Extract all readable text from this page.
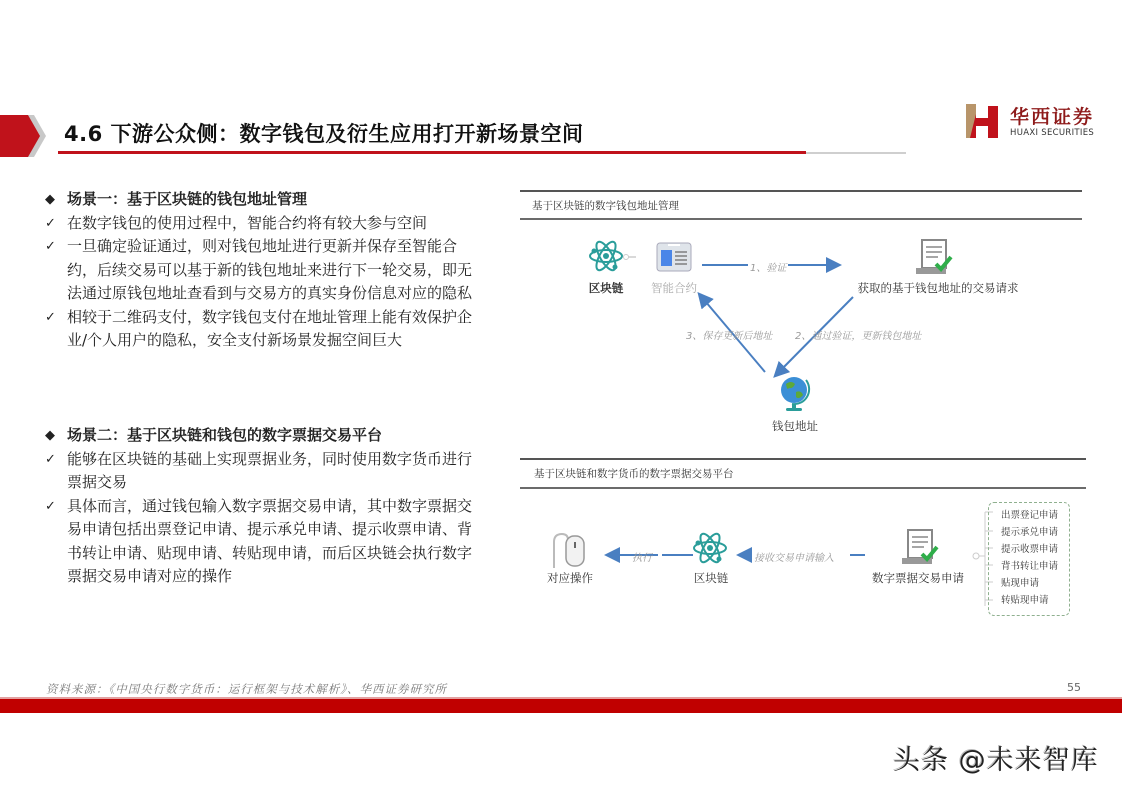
4.6 下游公众侧：数字钱包及衍生应用打开新场景空间
华西证券
HUAXI SECURITIES
◆ 场景一：基于区块链的钱包地址管理
✓ 在数字钱包的使用过程中，智能合约将有较大参与空间
✓ 一旦确定验证通过，则对钱包地址进行更新并保存至智能合约，后续交易可以基于新的钱包地址来进行下一轮交易，即无法通过原钱包地址查看到与交易方的真实身份信息对应的隐私
✓ 相较于二维码支付，数字钱包支付在地址管理上能有效保护企业/个人用户的隐私，安全支付新场景发掘空间巨大
◆ 场景二：基于区块链和钱包的数字票据交易平台
✓ 能够在区块链的基础上实现票据业务，同时使用数字货币进行票据交易
✓ 具体而言，通过钱包输入数字票据交易申请，其中数字票据交易申请包括出票登记申请、提示承兑申请、提示收票申请、背书转让申请、贴现申请、转贴现申请，而后区块链会执行数字票据交易申请对应的操作
基于区块链的数字钱包地址管理
区块链	智能合约
1、验证
获取的基于钱包地址的交易请求
3、保存更新后地址 2、通过验证，更新钱包地址
钱包地址
基于区块链和数字货币的数字票据交易平台
对应操作
执行
区块链
接收交易申请输入
数字票据交易申请
出票登记申请
提示承兑申请
提示收票申请
背书转让申请
贴现申请
转贴现申请
资料来源：《中国央行数字货币：运行框架与技术解析》、华西证券研究所	55
头条 @未来智库
